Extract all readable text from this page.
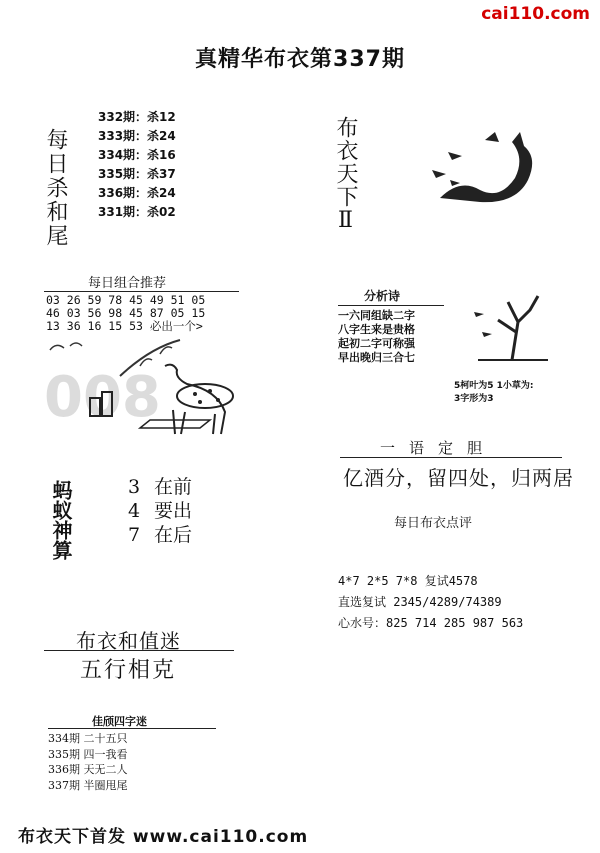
cai110.com
真精华布衣第337期
每日杀和尾
332期：杀12
333期：杀24
334期：杀16
335期：杀37
336期：杀24
331期：杀02	布衣天下Ⅱ
每日组合推荐
03 26 59 78 45 49 51 05
46 03 56 98 45 87 05 15
13 36 16 15 53 必出一个>
008
分析诗
一六同组缺二字
八字生来是贵格
起初二字可称强
早出晚归三合七
5柯叶为5 1小草为:
3字形为3
一语定胆
亿酒分，留四处，归两居
每日布衣点评
4*7 2*5 7*8 复试4578
直选复试 2345/4289/74389
心水号：825 714 285 987 563
蚂蚁神算	3 在前
4 要出
7 在后
布衣和值迷
五行相克
佳颀四字迷
334期 二十五只
335期 四一我看
336期 天无二人
337期 半圈甩尾
布衣天下首发 www.cai110.com
